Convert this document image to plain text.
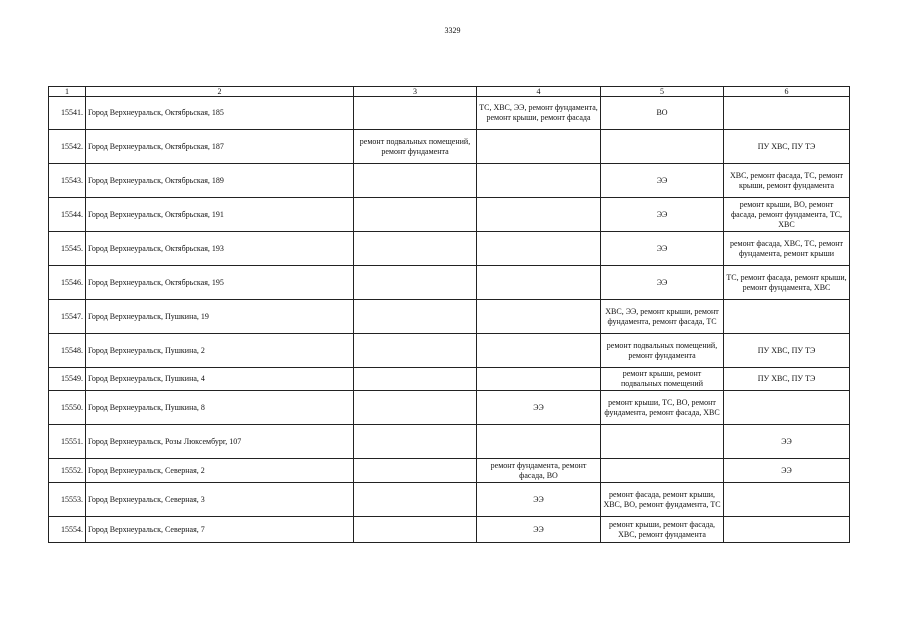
3329
1	2	3	4	5	6
15541.	Город Верхнеуральск, Октябрьская, 185		ТС, ХВС, ЭЭ, ремонт фундамента, ремонт крыши, ремонт фасада	ВО	
15542.	Город Верхнеуральск, Октябрьская, 187	ремонт подвальных помещений, ремонт фундамента			ПУ ХВС, ПУ ТЭ
15543.	Город Верхнеуральск, Октябрьская, 189			ЭЭ	ХВС, ремонт фасада, ТС, ремонт крыши, ремонт фундамента
15544.	Город Верхнеуральск, Октябрьская, 191			ЭЭ	ремонт крыши, ВО, ремонт фасада, ремонт фундамента, ТС, ХВС
15545.	Город Верхнеуральск, Октябрьская, 193			ЭЭ	ремонт фасада, ХВС, ТС, ремонт фундамента, ремонт крыши
15546.	Город Верхнеуральск, Октябрьская, 195			ЭЭ	ТС, ремонт фасада, ремонт крыши, ремонт фундамента, ХВС
15547.	Город Верхнеуральск, Пушкина, 19			ХВС, ЭЭ, ремонт крыши, ремонт фундамента, ремонт фасада, ТС	
15548.	Город Верхнеуральск, Пушкина, 2			ремонт подвальных помещений, ремонт фундамента	ПУ ХВС, ПУ ТЭ
15549.	Город Верхнеуральск, Пушкина, 4			ремонт крыши, ремонт подвальных помещений	ПУ ХВС, ПУ ТЭ
15550.	Город Верхнеуральск, Пушкина, 8		ЭЭ	ремонт крыши, ТС, ВО, ремонт фундамента, ремонт фасада, ХВС	
15551.	Город Верхнеуральск, Розы Люксембург, 107				ЭЭ
15552.	Город Верхнеуральск, Северная, 2		ремонт фундамента, ремонт фасада, ВО		ЭЭ
15553.	Город Верхнеуральск, Северная, 3		ЭЭ	ремонт фасада, ремонт крыши, ХВС, ВО, ремонт фундамента, ТС	
15554.	Город Верхнеуральск, Северная, 7		ЭЭ	ремонт крыши, ремонт фасада, ХВС, ремонт фундамента	
